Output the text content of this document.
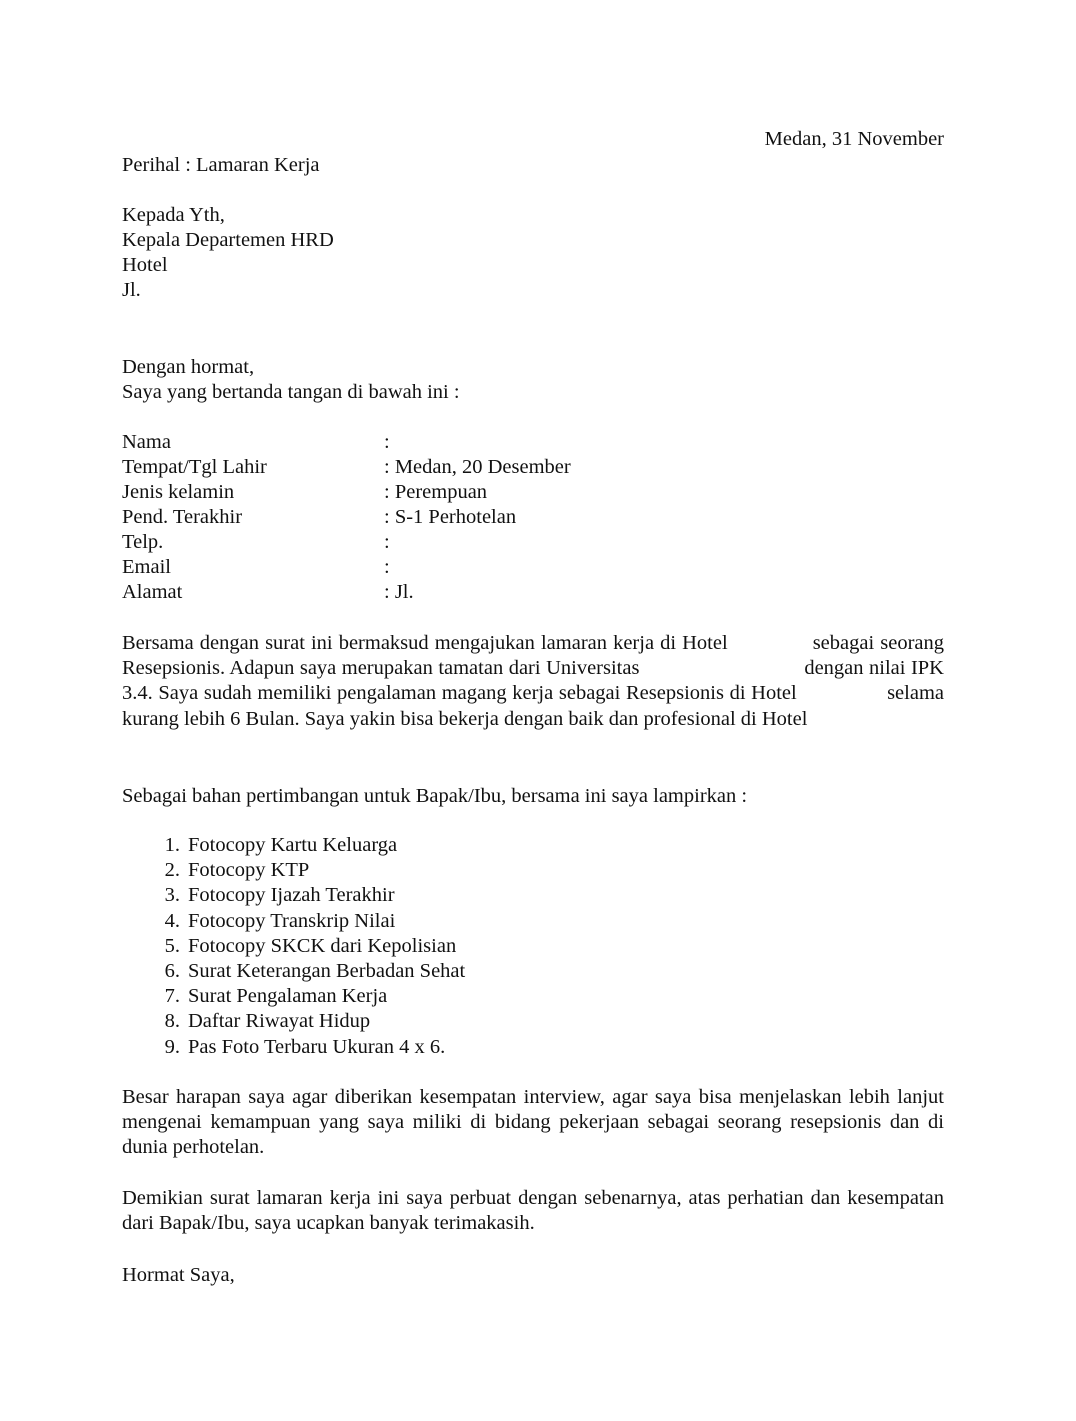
Medan, 31 November
Perihal : Lamaran Kerja
Kepada Yth,
Kepala Departemen HRD
Hotel
Jl.
Dengan hormat,
Saya yang bertanda tangan di bawah ini :
Nama	:
Tempat/Tgl Lahir	: Medan, 20 Desember
Jenis kelamin	: Perempuan
Pend. Terakhir	: S-1 Perhotelan
Telp.	:
Email	:
Alamat	: Jl.
Bersama dengan surat ini bermaksud mengajukan lamaran kerja di Hotel              sebagai seorang Resepsionis. Adapun saya merupakan tamatan dari Universitas                              dengan nilai IPK 3.4. Saya sudah memiliki pengalaman magang kerja sebagai Resepsionis di Hotel                selama kurang lebih 6 Bulan. Saya yakin bisa bekerja dengan baik dan profesional di Hotel
Sebagai bahan pertimbangan untuk Bapak/Ibu, bersama ini saya lampirkan :
1. Fotocopy Kartu Keluarga
2. Fotocopy KTP
3. Fotocopy Ijazah Terakhir
4. Fotocopy Transkrip Nilai
5. Fotocopy SKCK dari Kepolisian
6. Surat Keterangan Berbadan Sehat
7. Surat Pengalaman Kerja
8. Daftar Riwayat Hidup
9. Pas Foto Terbaru Ukuran 4 x 6.
Besar harapan saya agar diberikan kesempatan interview, agar saya bisa menjelaskan lebih lanjut mengenai kemampuan yang saya miliki di bidang pekerjaan sebagai seorang resepsionis dan di dunia perhotelan.
Demikian surat lamaran kerja ini saya perbuat dengan sebenarnya, atas perhatian dan kesempatan dari Bapak/Ibu, saya ucapkan banyak terimakasih.
Hormat Saya,
